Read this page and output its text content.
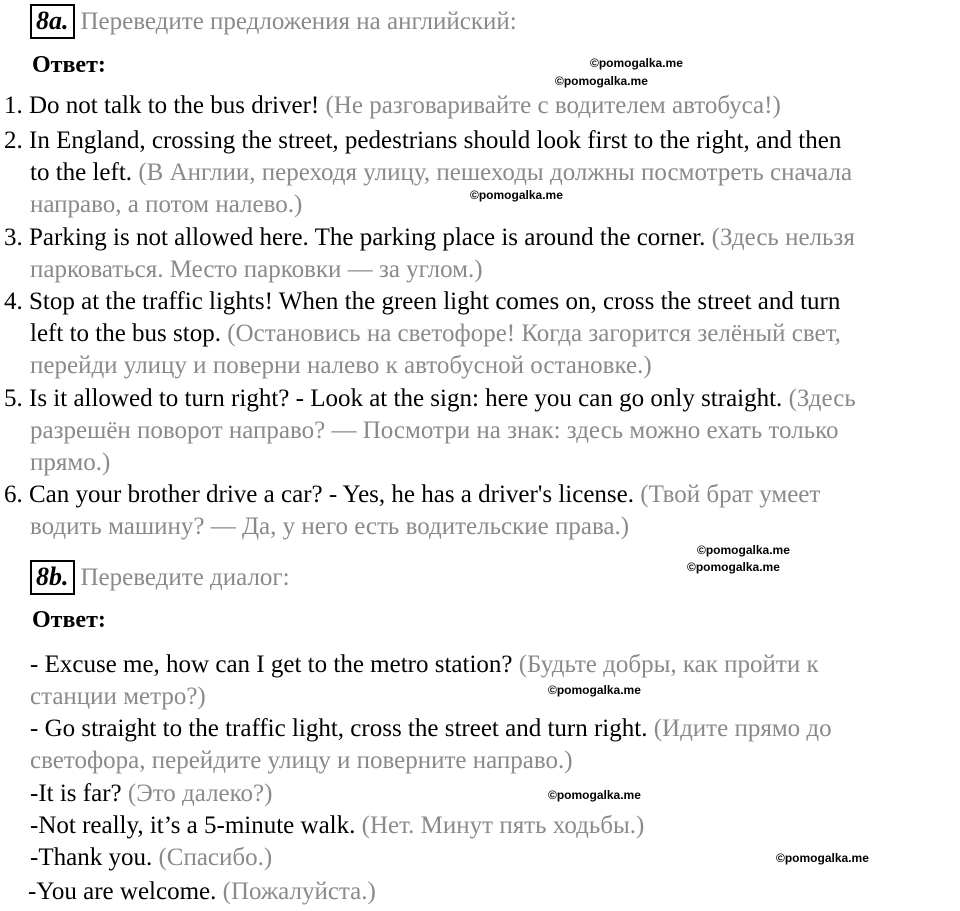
8a. Переведите предложения на английский:
Ответ:
1. Do not talk to the bus driver! (Не разговаривайте с водителем автобуса!)
2. In England, crossing the street, pedestrians should look first to the right, and then
to the left. (В Англии, переходя улицу, пешеходы должны посмотреть сначала
направо, а потом налево.)
3. Parking is not allowed here. The parking place is around the corner. (Здесь нельзя
парковаться. Место парковки — за углом.)
4. Stop at the traffic lights! When the green light comes on, cross the street and turn
left to the bus stop. (Остановись на светофоре! Когда загорится зелёный свет,
перейди улицу и поверни налево к автобусной остановке.)
5. Is it allowed to turn right? - Look at the sign: here you can go only straight. (Здесь
разрешён поворот направо? — Посмотри на знак: здесь можно ехать только
прямо.)
6. Can your brother drive a car? - Yes, he has a driver's license. (Твой брат умеет
водить машину? — Да, у него есть водительские права.)
8b. Переведите диалог:
Ответ:
- Excuse me, how can I get to the metro station? (Будьте добры, как пройти к
станции метро?)
- Go straight to the traffic light, cross the street and turn right. (Идите прямо до
светофора, перейдите улицу и поверните направо.)
-It is far? (Это далеко?)
-Not really, it’s a 5-minute walk. (Нет. Минут пять ходьбы.)
-Thank you. (Спасибо.)
-You are welcome. (Пожалуйста.)
©pomogalka.me
©pomogalka.me
©pomogalka.me
©pomogalka.me
©pomogalka.me
©pomogalka.me
©pomogalka.me
©pomogalka.me
